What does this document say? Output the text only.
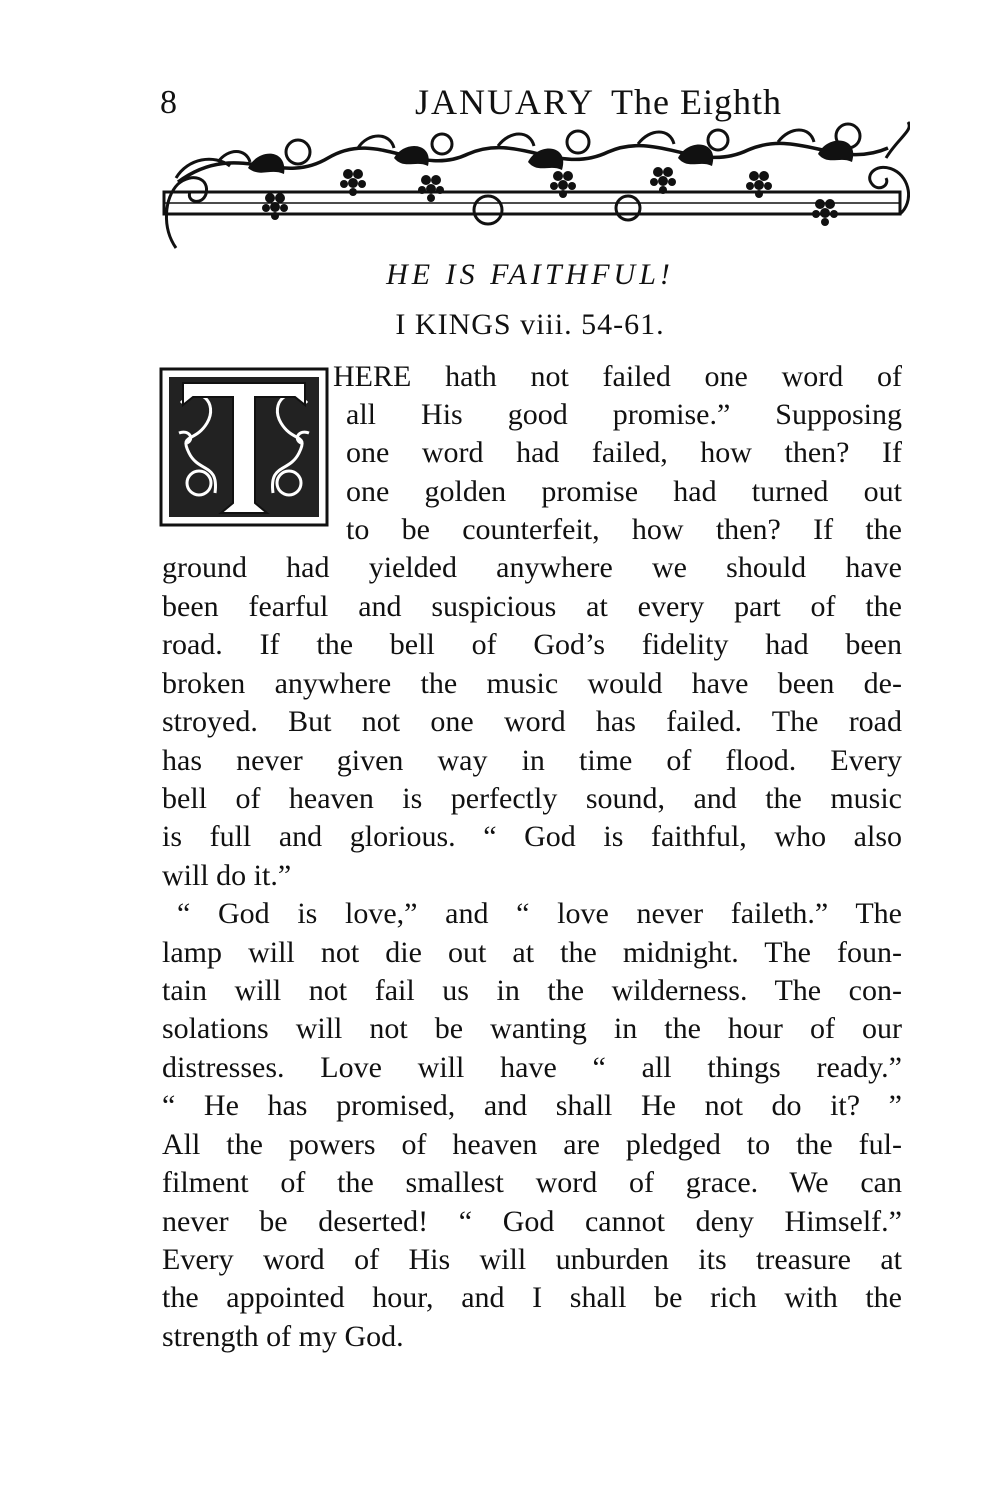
8	JANUARY The Eighth
HE IS FAITHFUL!
I KINGS viii. 54-61.
HERE hath not failed one word of
all His good promise.” Supposing
one word had failed, how then? If
one golden promise had turned out
to be counterfeit, how then? If the
ground had yielded anywhere we should have
been fearful and suspicious at every part of the
road. If the bell of God’s fidelity had been
broken anywhere the music would have been de-
stroyed. But not one word has failed. The road
has never given way in time of flood. Every
bell of heaven is perfectly sound, and the music
is full and glorious. “ God is faithful, who also
will do it.”
“ God is love,” and “ love never faileth.” The
lamp will not die out at the midnight. The foun-
tain will not fail us in the wilderness. The con-
solations will not be wanting in the hour of our
distresses. Love will have “ all things ready.”
“ He has promised, and shall He not do it? ”
All the powers of heaven are pledged to the ful-
filment of the smallest word of grace. We can
never be deserted! “ God cannot deny Himself.”
Every word of His will unburden its treasure at
the appointed hour, and I shall be rich with the
strength of my God.
